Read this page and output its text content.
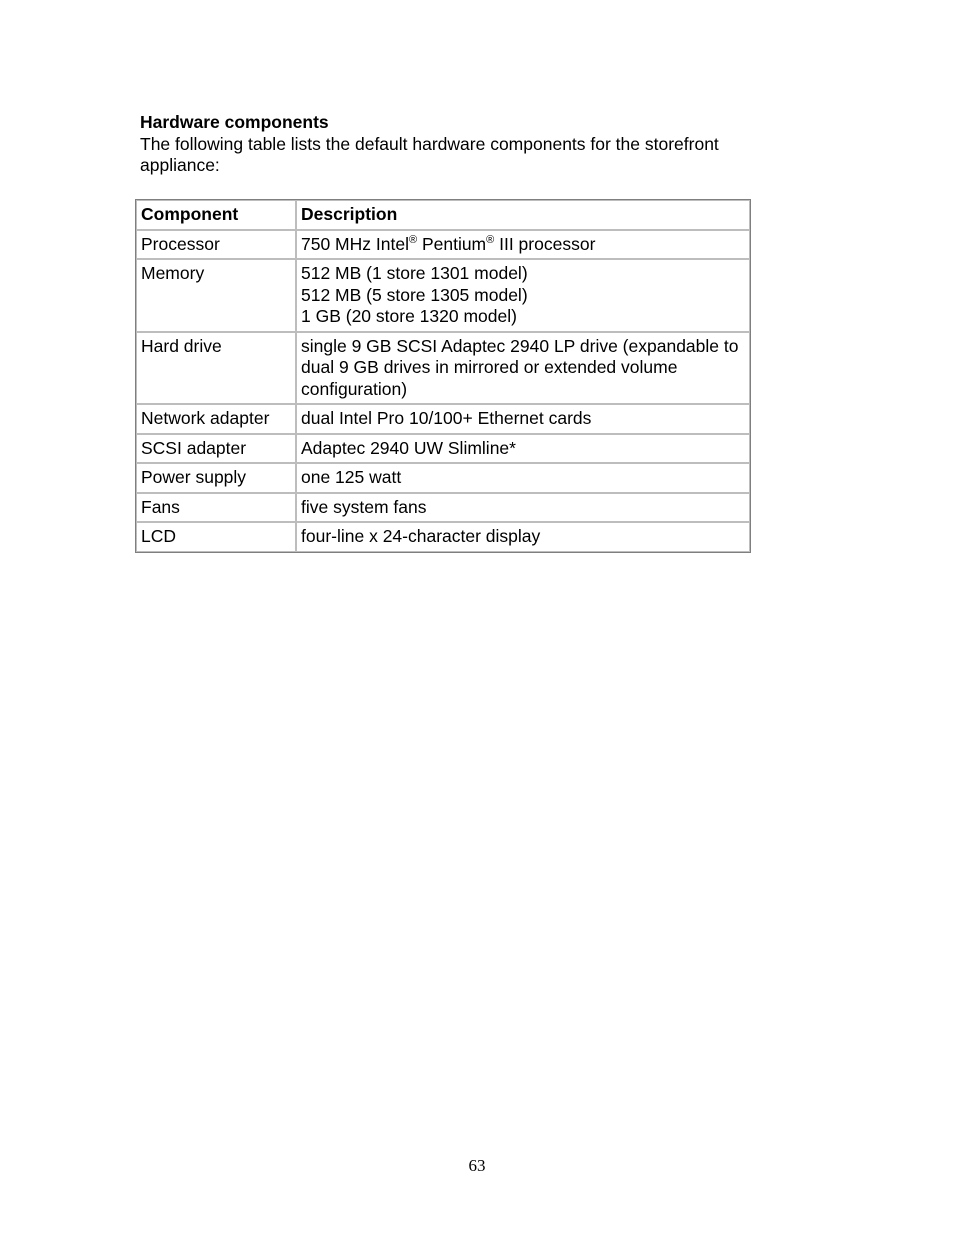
Hardware components
The following table lists the default hardware components for the storefront appliance:
Component	Description
Processor	750 MHz Intel® Pentium® III processor
Memory	512 MB (1 store 1301 model)
512 MB (5 store 1305 model)
1 GB (20 store 1320 model)

Hard drive	single 9 GB SCSI Adaptec 2940 LP drive (expandable to dual 9 GB drives in mirrored or extended volume configuration)
Network adapter	dual Intel Pro 10/100+ Ethernet cards
SCSI adapter	Adaptec 2940 UW Slimline*
Power supply	one 125 watt
Fans	five system fans
LCD	four-line x 24-character display
63
